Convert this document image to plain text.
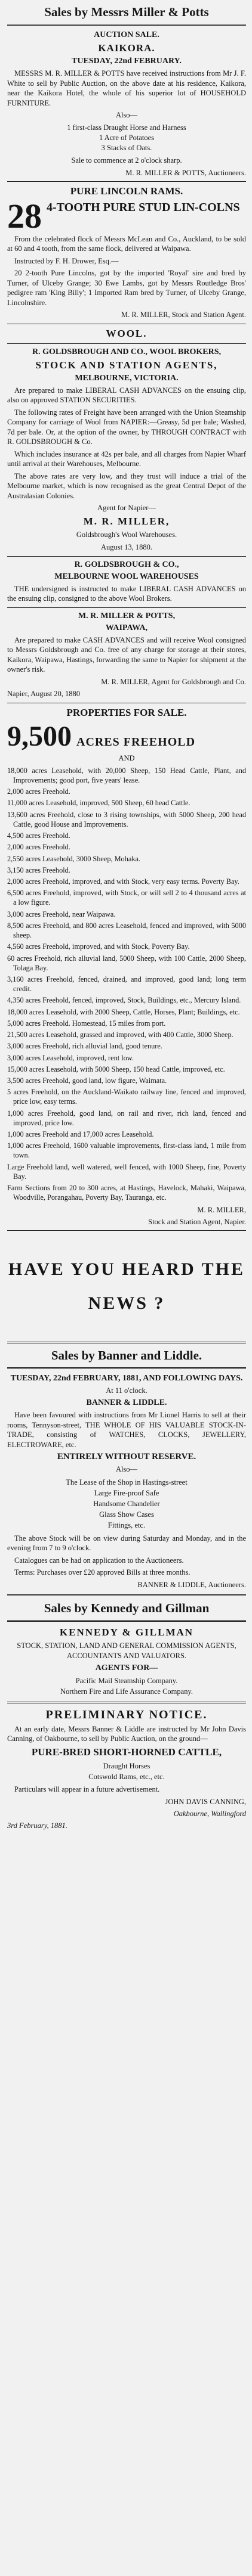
Sales by Messrs Miller & Potts
AUCTION SALE.
KAIKORA.
TUESDAY, 22nd FEBRUARY.

MESSRS M. R. MILLER & POTTS have received instructions from Mr J. F. White to sell by Public Auction, on the above date at his residence, Kaikora, near the Kaikora Hotel, the whole of his superior lot of HOUSEHOLD FURNITURE.

Also—
1 first-class Draught Horse and Harness
1 Acre of Potatoes
3 Stacks of Oats.
Sale to commence at 2 o'clock sharp.
M. R. MILLER & POTTS, Auctioneers.
PURE LINCOLN RAMS.
28 4-TOOTH PURE STUD LIN-COLNS

From the celebrated flock of Messrs McLean and Co., Auckland, to be sold at 60 and 4 tooth, from the same flock, delivered at Waipawa.

Instructed by F. H. Drower, Esq.—

20 2-tooth Pure Lincolns, got by the imported 'Royal' sire and bred by Turner, of Ulceby Grange; 30 Ewe Lambs, got by Messrs Routledge Bros' pedigree ram 'King Billy'; 1 Imported Ram bred by Turner, of Ulceby Grange, Lincolnshire.

M. R. MILLER, Stock and Station Agent.
WOOL.
R. GOLDSBROUGH AND CO., WOOL BROKERS,
STOCK AND STATION AGENTS,
MELBOURNE, VICTORIA.

Are prepared to make LIBERAL CASH ADVANCES on the ensuing clip, also on approved STATION SECURITIES.

The following rates of Freight have been arranged with the Union Steamship Company for carriage of Wool from NAPIER:—Greasy, 5d per bale; Washed, 7d per bale. Or, at the option of the owner, by THROUGH CONTRACT with R. GOLDSBROUGH & Co.

Which includes insurance at 42s per bale, and all charges from Napier Wharf until arrival at their Warehouses, Melbourne.

The above rates are very low, and they trust will induce a trial of the Melbourne market, which is now recognised as the great Central Depot of the Australasian Colonies.

Agent for Napier—
M. R. MILLER,
Goldsbrough's Wool Warehouses.
August 13, 1880.
R. GOLDSBROUGH & CO.,
MELBOURNE WOOL WAREHOUSES

THE undersigned is instructed to make LIBERAL CASH ADVANCES on the ensuing clip, consigned to the above Wool Brokers.

M. R. MILLER & POTTS,
WAIPAWA,

Are prepared to make CASH ADVANCES and will receive Wool consigned to Messrs Goldsbrough and Co. free of any charge for storage at their stores, Kaikora, Waipawa, Hastings, forwarding the same to Napier for shipment at the owner's risk.

M. R. MILLER, Agent for Goldsbrough and Co.
Napier, August 20, 1880
PROPERTIES FOR SALE.
9,500 ACRES FREEHOLD
AND

18,000 acres Leasehold, with 20,000 Sheep, 150 Head Cattle, Plant, and Improvements; good port, five years' lease.

2,000 acres Freehold.

11,000 acres Leasehold, improved, 500 Sheep, 60 head Cattle.

13,600 acres Freehold, close to 3 rising townships, with 5000 Sheep, 200 head Cattle, good House and Improvements.

4,500 acres Freehold.

2,000 acres Freehold.

2,550 acres Leasehold, 3000 Sheep, Mohaka.

3,150 acres Freehold.

2,000 acres Freehold, improved, and with Stock, very easy terms. Poverty Bay.

6,500 acres Freehold, improved, with Stock, or will sell 2 to 4 thousand acres at a low figure.

3,000 acres Freehold, near Waipawa.

8,500 acres Freehold, and 800 acres Leasehold, fenced and improved, with 5000 sheep.

4,560 acres Freehold, improved, and with Stock, Poverty Bay.

60 acres Freehold, rich alluvial land, 5000 Sheep, with 100 Cattle, 2000 Sheep, Tolaga Bay.

3,160 acres Freehold, fenced, drained, and improved, good land; long term credit.

4,350 acres Freehold, fenced, improved, Stock, Buildings, etc., Mercury Island.

18,000 acres Leasehold, with 2000 Sheep, Cattle, Horses, Plant; Buildings, etc.

5,000 acres Freehold. Homestead, 15 miles from port.

21,500 acres Leasehold, grassed and improved, with 400 Cattle, 3000 Sheep.

3,000 acres Freehold, rich alluvial land, good tenure.

3,000 acres Leasehold, improved, rent low.

15,000 acres Leasehold, with 5000 Sheep, 150 head Cattle, improved, etc.

3,500 acres Freehold, good land, low figure, Waimata.

5 acres Freehold, on the Auckland-Waikato railway line, fenced and improved, price low, easy terms.

1,000 acres Freehold, good land, on rail and river, rich land, fenced and improved, price low.

1,000 acres Freehold and 17,000 acres Leasehold.

1,000 acres Freehold, 1600 valuable improvements, first-class land, 1 mile from town.

Large Freehold land, well watered, well fenced, with 1000 Sheep, fine, Poverty Bay.

Farm Sections from 20 to 300 acres, at Hastings, Havelock, Mahaki, Waipawa, Woodville, Porangahau, Poverty Bay, Tauranga, etc.

M. R. MILLER,
Stock and Station Agent, Napier.
HAVE YOU HEARD THE
NEWS ?
Sales by Banner and Liddle.
TUESDAY, 22nd FEBRUARY, 1881, AND FOLLOWING DAYS.
At 11 o'clock.
BANNER & LIDDLE.

Have been favoured with instructions from Mr Lionel Harris to sell at their rooms, Tennyson-street, THE WHOLE OF HIS VALUABLE STOCK-IN-TRADE, consisting of WATCHES, CLOCKS, JEWELLERY, ELECTROWARE, etc.

ENTIRELY WITHOUT RESERVE.
Also—
The Lease of the Shop in Hastings-street
Large Fire-proof Safe
Handsome Chandelier
Glass Show Cases
Fittings, etc.

The above Stock will be on view during Saturday and Monday, and in the evening from 7 to 9 o'clock.

Catalogues can be had on application to the Auctioneers.

Terms: Purchases over £20 approved Bills at three months.

BANNER & LIDDLE, Auctioneers.
Sales by Kennedy and Gillman
KENNEDY & GILLMAN
STOCK, STATION, LAND AND GENERAL COMMISSION AGENTS, ACCOUNTANTS AND VALUATORS.
AGENTS FOR—
Pacific Mail Steamship Company.
Northern Fire and Life Assurance Company.
PRELIMINARY NOTICE.

At an early date, Messrs Banner & Liddle are instructed by Mr John Davis Canning, of Oakbourne, to sell by Public Auction, on the ground—

PURE-BRED SHORT-HORNED CATTLE,
Draught Horses
Cotswold Rams, etc., etc.

Particulars will appear in a future advertisement.

JOHN DAVIS CANNING,
Oakbourne, Wallingford
3rd February, 1881.
